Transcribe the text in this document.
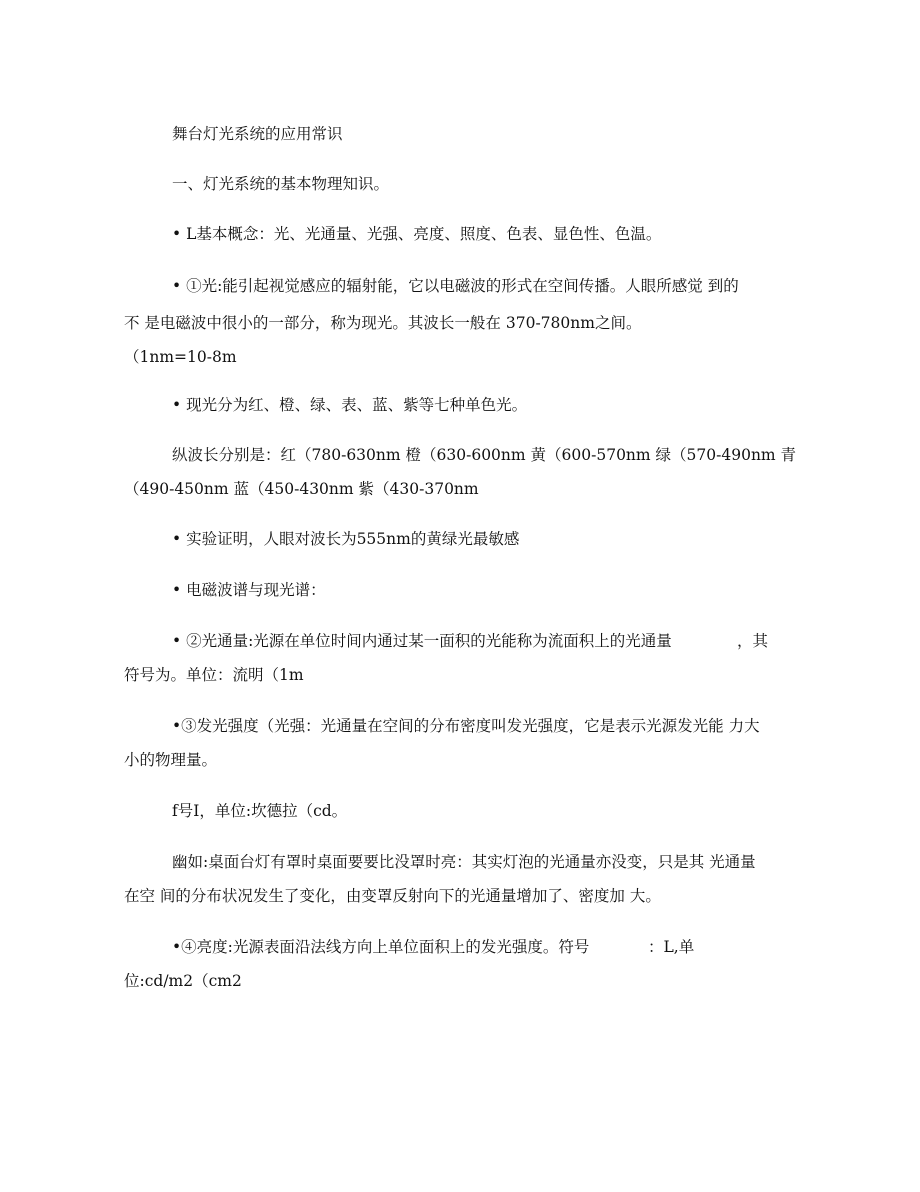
舞台灯光系统的应用常识
一、灯光系统的基本物理知识。
• L基本概念：光、光通量、光强、亮度、照度、色表、显色性、色温。
• ①光:能引起视觉感应的辐射能，它以电磁波的形式在空间传播。人眼所感觉 到的
不 是电磁波中很小的一部分，称为现光。其波长一般在 370-780nm之间。
（1nm=10-8m
• 现光分为红、橙、绿、表、蓝、紫等七种单色光。
纵波长分别是：红（780-630nm 橙（630-600nm 黄（600-570nm 绿（570-490nm 青
（490-450nm 蓝（450-430nm 紫（430-370nm
• 实验证明，人眼对波长为555nm的黄绿光最敏感
• 电磁波谱与现光谱：
• ②光通量:光源在单位时间内通过某一面积的光能称为流面积上的光通量	，其
符号为。单位：流明（1m
•③发光强度（光强：光通量在空间的分布密度叫发光强度，它是表示光源发光能 力大
小的物理量。
f号I，单位:坎德拉（cd。
幽如:桌面台灯有罩时桌面要要比没罩时亮：其实灯泡的光通量亦没变，只是其 光通量
在空 间的分布状况发生了变化，由变罩反射向下的光通量增加了、密度加 大。
•④亮度:光源表面沿法线方向上单位面积上的发光强度。符号	：L,单
位:cd/m2（cm2
